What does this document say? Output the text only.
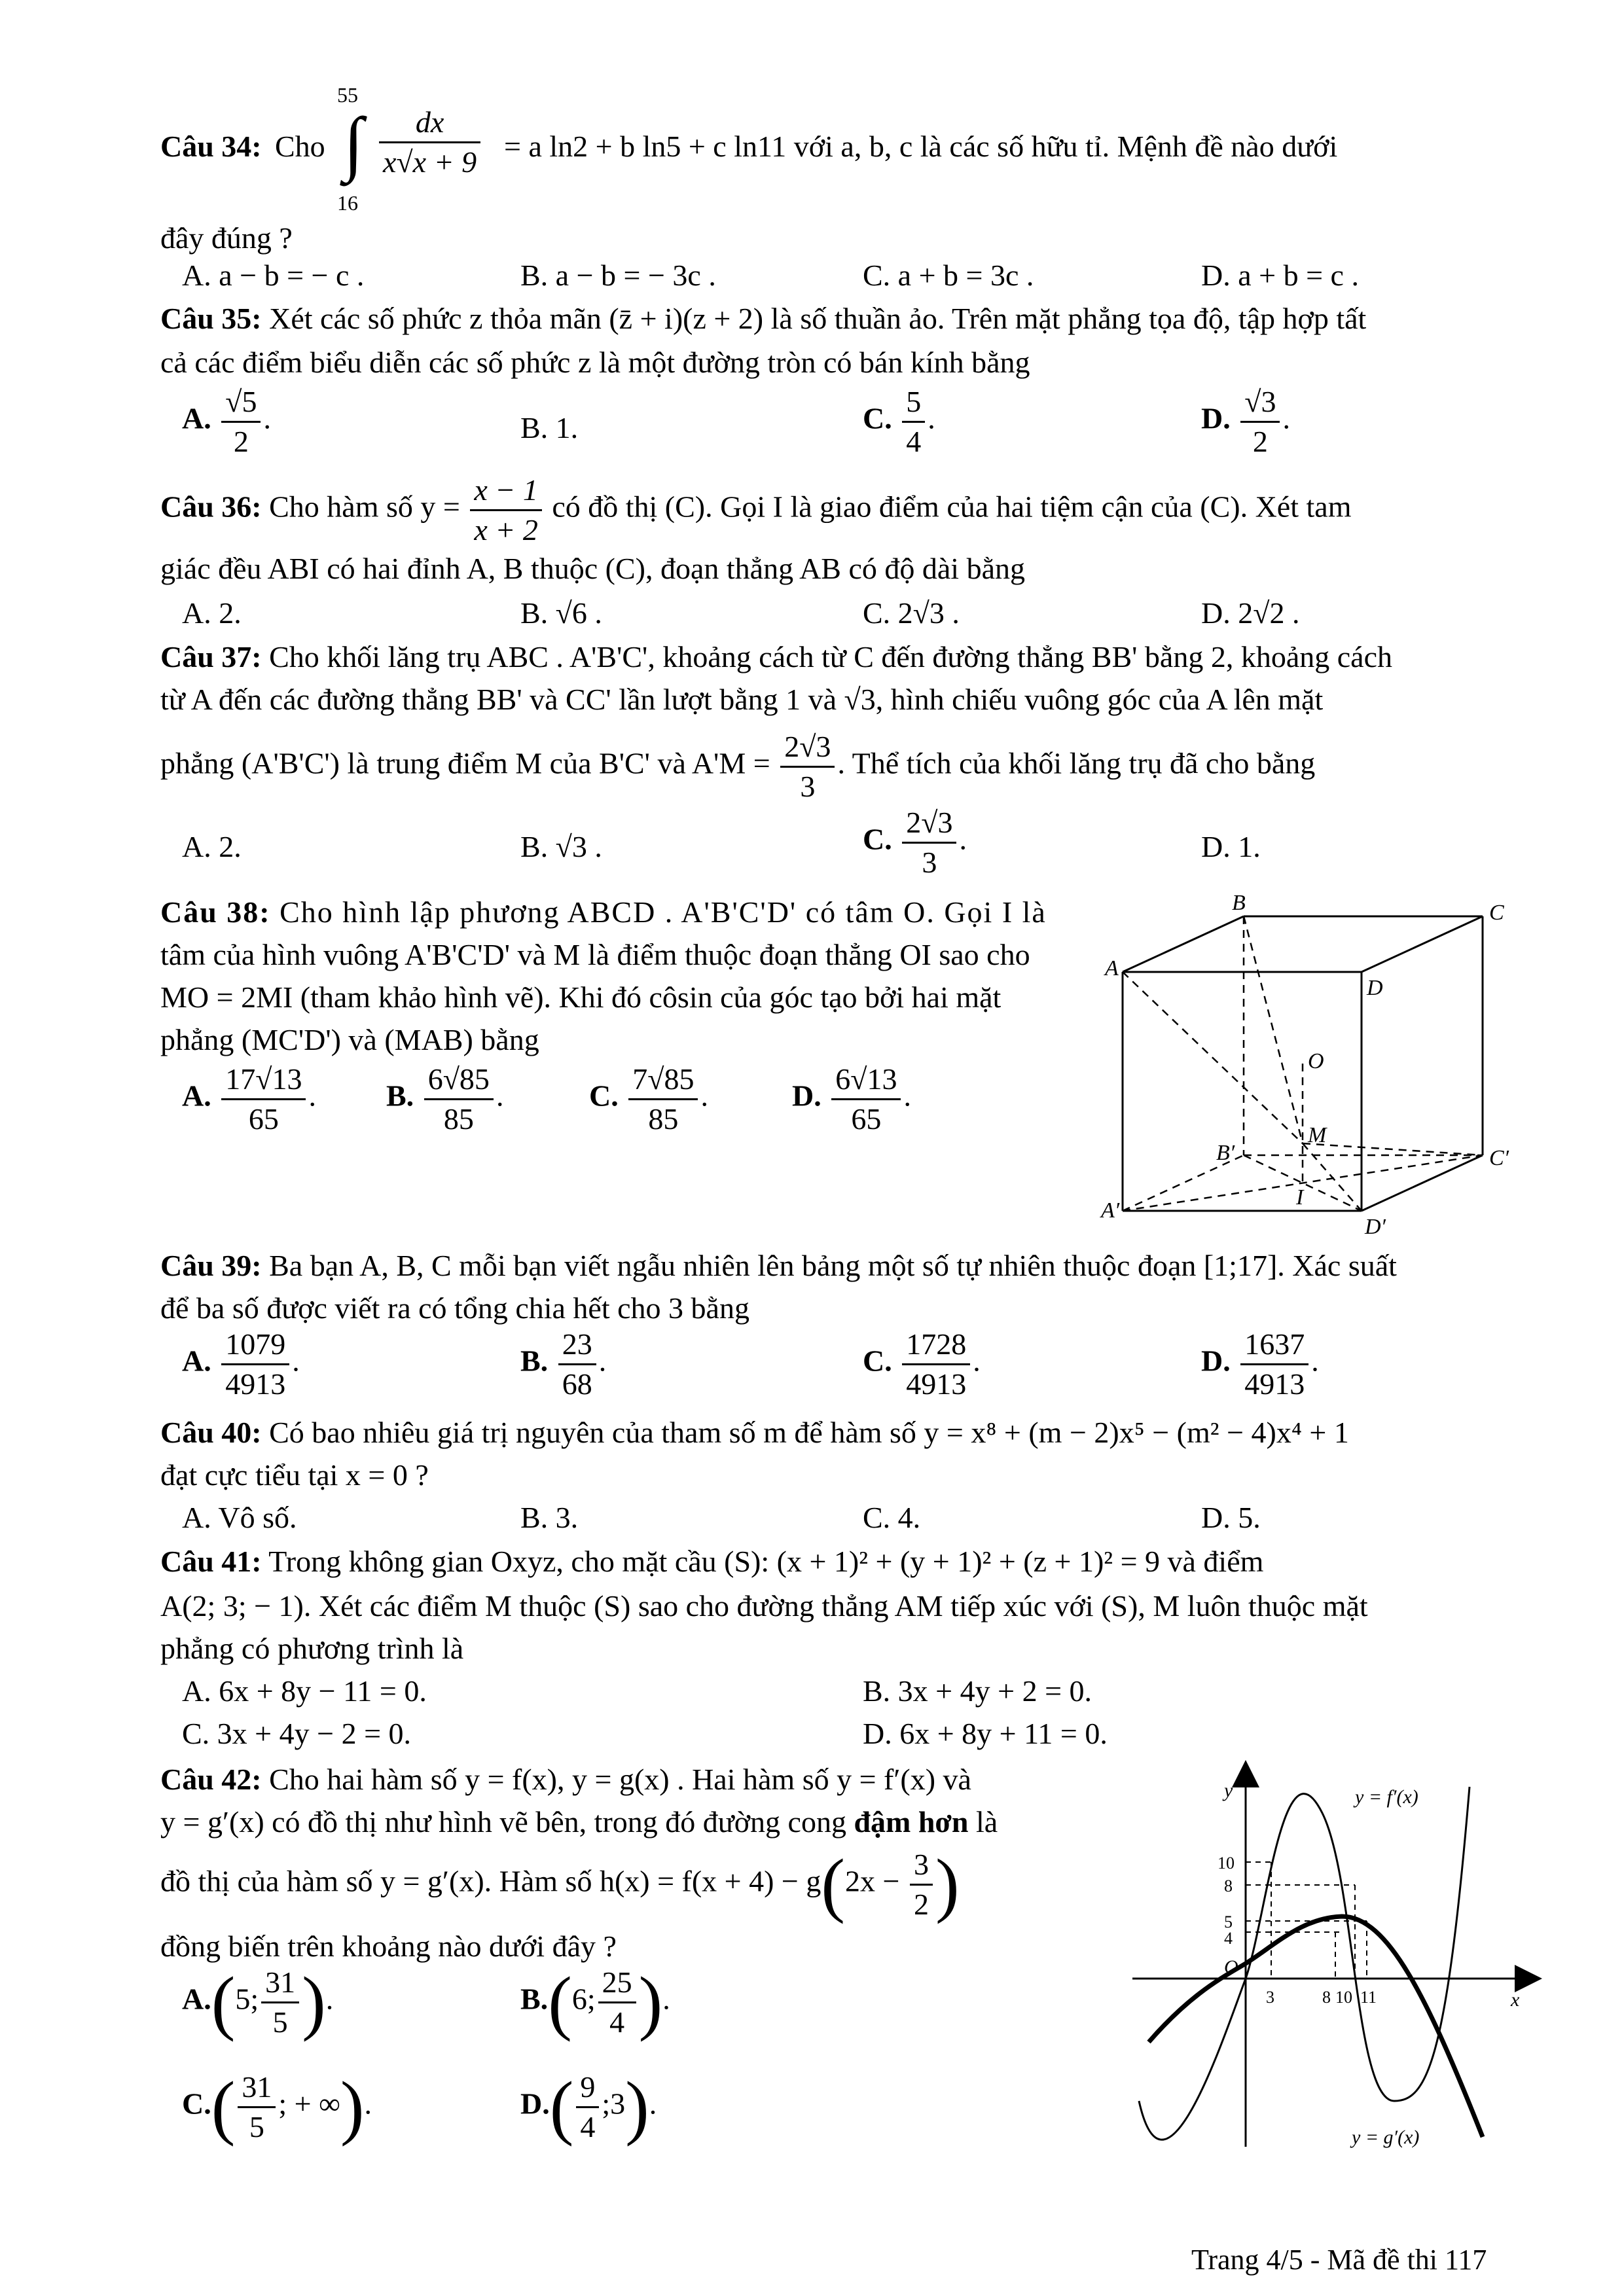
Câu 34: Cho ∫
55
16
$\frac{dx}{x√x + 9} = a$ ln2 + b ln5 + c ln11 với a, b, c là các số hữu tỉ. Mệnh đề nào dưới
đây đúng ?
A. a − b = − c .	B. a − b = − 3c .	C. a + b = 3c .	D. a + b = c .
Câu 35: Xét các số phức z thỏa mãn (z̄ + i)(z + 2) là số thuần ảo. Trên mặt phẳng tọa độ, tập hợp tất
cả các điểm biểu diễn các số phức z là một đường tròn có bán kính bằng
A. $\frac{√5}{2}$ .	B. 1.	C. $\frac{5}{4}$ .	D. $\frac{√3}{2}$ .
Câu 36: Cho hàm số $y = \frac{x - 1}{x + 2}$ có đồ thị (C). Gọi I là giao điểm của hai tiệm cận của (C). Xét tam
giác đều ABI có hai đỉnh A, B thuộc (C), đoạn thẳng AB có độ dài bằng
A. 2.	B. √6 .	C. 2√3 .	D. 2√2 .
Câu 37: Cho khối lăng trụ ABC . A'B'C', khoảng cách từ C đến đường thẳng BB' bằng 2, khoảng cách
từ A đến các đường thẳng BB' và CC' lần lượt bằng 1 và √3, hình chiếu vuông góc của A lên mặt
phẳng (A'B'C') là trung điểm M của B'C' và $A'M = \frac{2√3}{3}$ . Thể tích của khối lăng trụ đã cho bằng
A. 2.	B. √3 .	C. $\frac{2√3}{3}$ .	D. 1.
Câu 38: Cho hình lập phương ABCD . A'B'C'D' có tâm O. Gọi I là
tâm của hình vuông A'B'C'D' và M là điểm thuộc đoạn thẳng OI sao cho
MO = 2MI (tham khảo hình vẽ). Khi đó côsin của góc tạo bởi hai mặt
phẳng (MC'D') và (MAB) bằng
A. $\frac{17√13}{65}$ . B. $\frac{6√85}{85}$ .	C. $\frac{7√85}{85}$ .	D. $\frac{6√13}{65}$ .
B	C
A
D
O
M
B′	C′
I
A′
D′
Câu 39: Ba bạn A, B, C mỗi bạn viết ngẫu nhiên lên bảng một số tự nhiên thuộc đoạn [1;17]. Xác suất
để ba số được viết ra có tổng chia hết cho 3 bằng
A. $\frac{1079}{4913}$ .	B. $\frac{23}{68}$ .	C. $\frac{1728}{4913}$ .	D. $\frac{1637}{4913}$ .
Câu 40: Có bao nhiêu giá trị nguyên của tham số m để hàm số y = x⁸ + (m − 2)x⁵ − (m² − 4)x⁴ + 1
đạt cực tiểu tại x = 0 ?
A. Vô số.	B. 3.	C. 4.	D. 5.
Câu 41: Trong không gian Oxyz, cho mặt cầu (S): (x + 1)² + (y + 1)² + (z + 1)² = 9 và điểm
A(2; 3; − 1). Xét các điểm M thuộc (S) sao cho đường thẳng AM tiếp xúc với (S), M luôn thuộc mặt
phẳng có phương trình là
A. 6x + 8y − 11 = 0.	B. 3x + 4y + 2 = 0.
C. 3x + 4y − 2 = 0.	D. 6x + 8y + 11 = 0.
Câu 42: Cho hai hàm số y = f(x), y = g(x) . Hai hàm số y = f′(x) và
y = g′(x) có đồ thị như hình vẽ bên, trong đó đường cong đậm hơn là
đồ thị của hàm số y = g′(x). Hàm số $h(x) = f(x + 4) - g(2x - \frac{3}{2}$ )
đồng biến trên khoảng nào dưới đây ?
A.(5; $\frac{31}{5}$ ).	B.(6; $\frac{25}{4}$ ).
$C.( \frac{31}{5}$ ; + ∞).	$D.( \frac{9}{4}$ ;3).
y
x
O
y = f′(x)
y = g′(x)
10
8
5
4
3	8 10 11
Trang 4/5 - Mã đề thi 117
